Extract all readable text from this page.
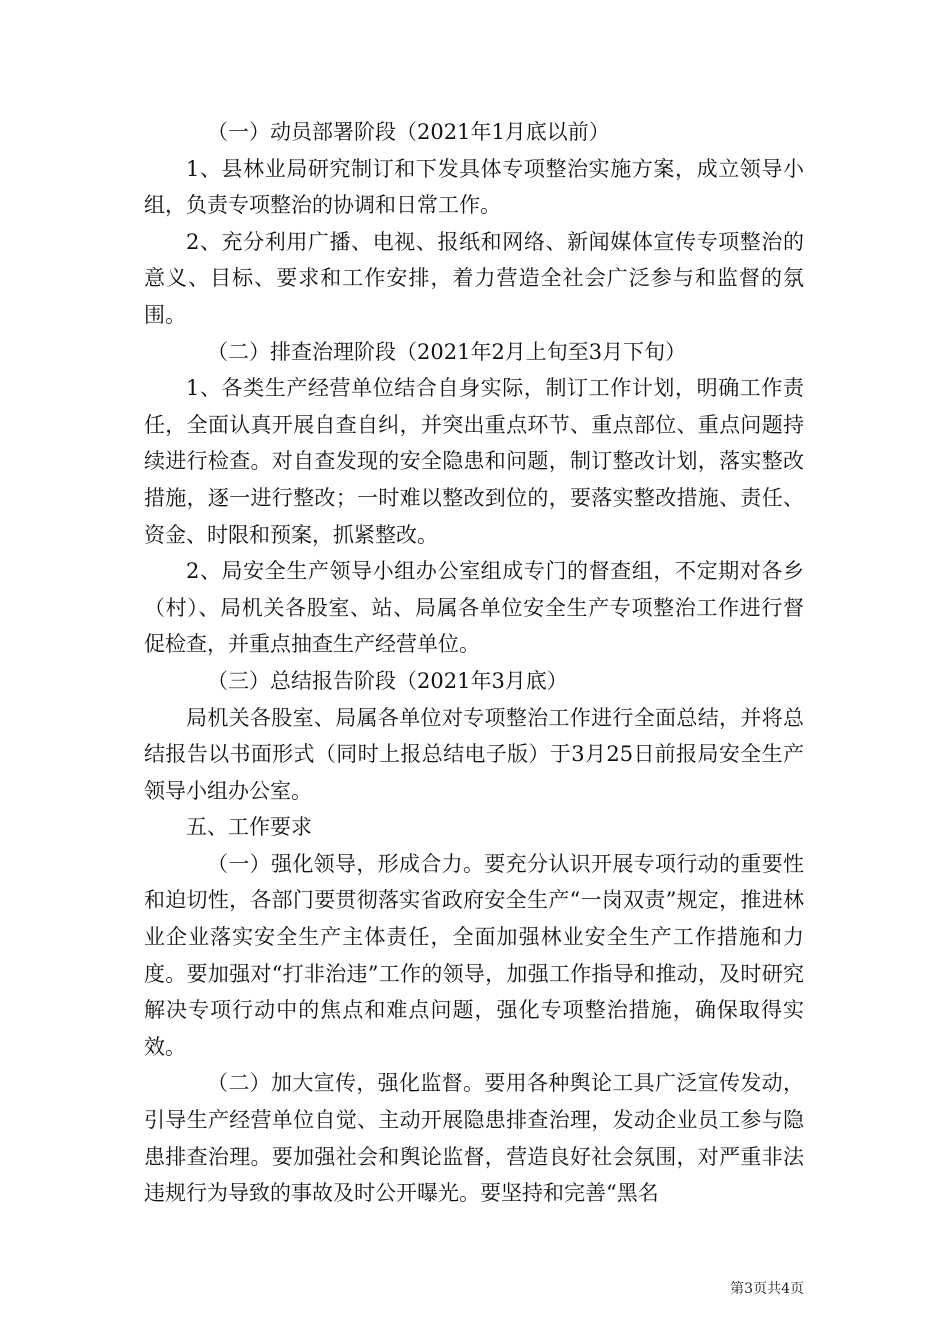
（一）动员部署阶段（2021年1月底以前）

1、县林业局研究制订和下发具体专项整治实施方案，成立领导小组，负责专项整治的协调和日常工作。

2、充分利用广播、电视、报纸和网络、新闻媒体宣传专项整治的意义、目标、要求和工作安排，着力营造全社会广泛参与和监督的氛围。

（二）排查治理阶段（2021年2月上旬至3月下旬）

1、各类生产经营单位结合自身实际，制订工作计划，明确工作责任，全面认真开展自查自纠，并突出重点环节、重点部位、重点问题持续进行检查。对自查发现的安全隐患和问题，制订整改计划，落实整改措施，逐一进行整改；一时难以整改到位的，要落实整改措施、责任、资金、时限和预案，抓紧整改。

2、局安全生产领导小组办公室组成专门的督查组，不定期对各乡（村）、局机关各股室、站、局属各单位安全生产专项整治工作进行督促检查，并重点抽查生产经营单位。

（三）总结报告阶段（2021年3月底）

局机关各股室、局属各单位对专项整治工作进行全面总结，并将总结报告以书面形式（同时上报总结电子版）于3月25日前报局安全生产领导小组办公室。

五、工作要求

（一）强化领导，形成合力。要充分认识开展专项行动的重要性和迫切性，各部门要贯彻落实省政府安全生产“一岗双责”规定，推进林业企业落实安全生产主体责任，全面加强林业安全生产工作措施和力度。要加强对“打非治违”工作的领导，加强工作指导和推动，及时研究解决专项行动中的焦点和难点问题，强化专项整治措施，确保取得实效。

（二）加大宣传，强化监督。要用各种舆论工具广泛宣传发动，引导生产经营单位自觉、主动开展隐患排查治理，发动企业员工参与隐患排查治理。要加强社会和舆论监督，营造良好社会氛围，对严重非法违规行为导致的事故及时公开曝光。要坚持和完善“黑名

第3页共4页
